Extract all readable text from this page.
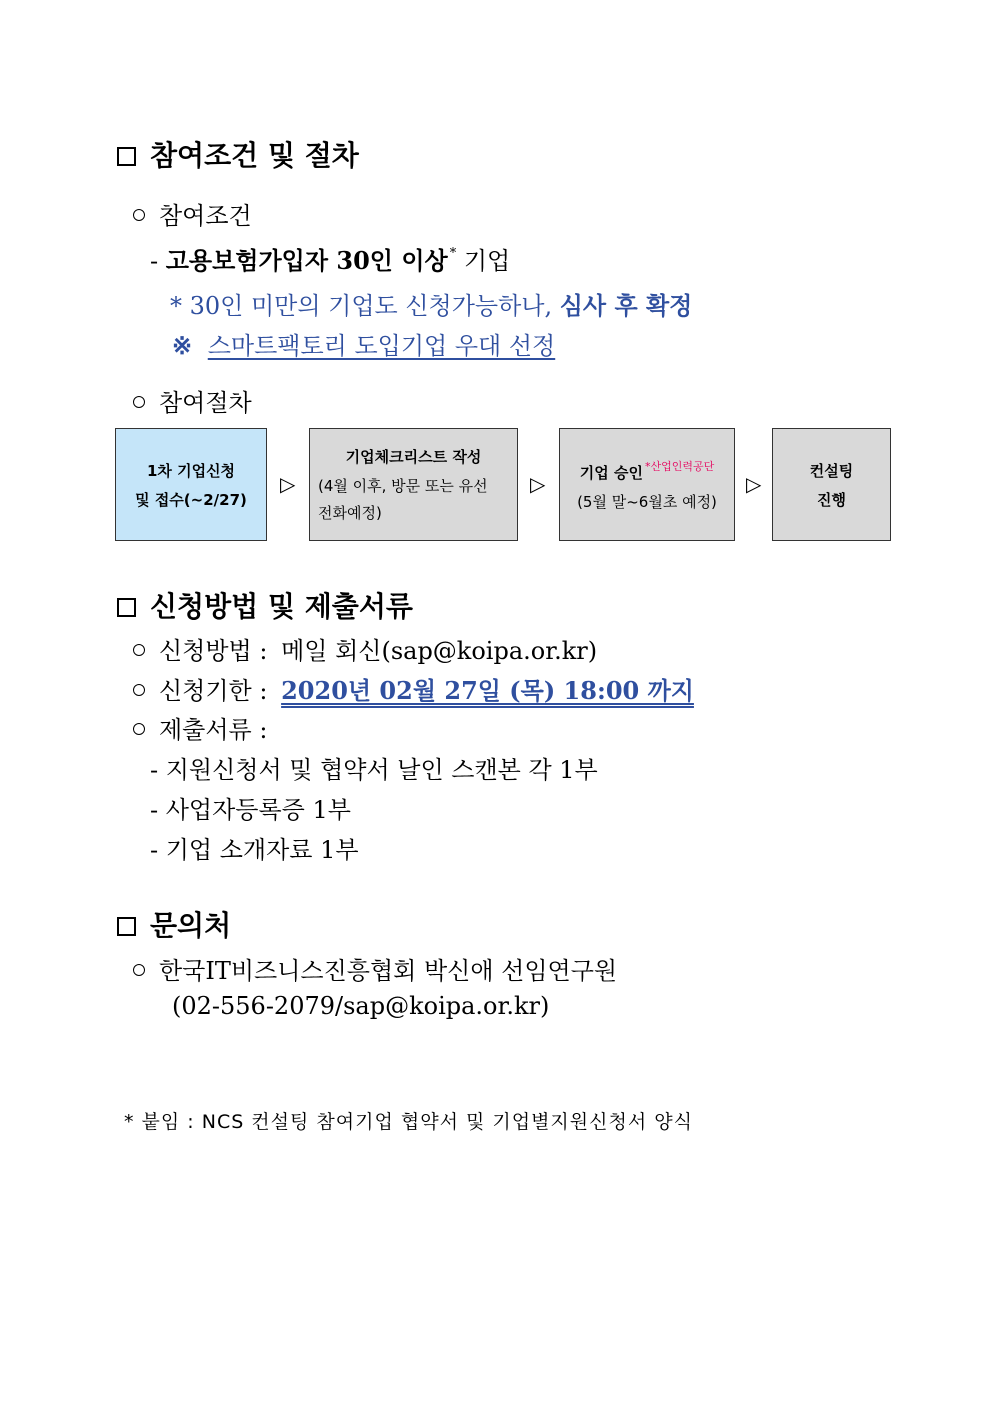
참여조건 및 절차
참여조건
- 고용보험가입자 30인 이상 * 기업
* 30인 미만의 기업도 신청가능하나, 심사 후 확정
※ 스마트팩토리 도입기업 우대 선정
참여절차
1차 기업신청
및 접수(~2/27)
▷
기업체크리스트 작성
(4월 이후, 방문 또는 유선
전화예정)
▷ 기업 승인 $^{*산업인력공단}$
(5월 말~6월초 예정)
▷
컨설팅
진행
신청방법 및 제출서류
신청방법 : 메일 회신(sap@koipa.or.kr)
신청기한 : 2020년 02월 27일 (목) 18:00 까지
제출서류 :
- 지원신청서 및 협약서 날인 스캔본 각 1부
- 사업자등록증 1부
- 기업 소개자료 1부
문의처
한국IT비즈니스진흥협회 박신애 선임연구원
(02-556-2079/sap@koipa.or.kr)
* 붙임 : NCS 컨설팅 참여기업 협약서 및 기업별지원신청서 양식
